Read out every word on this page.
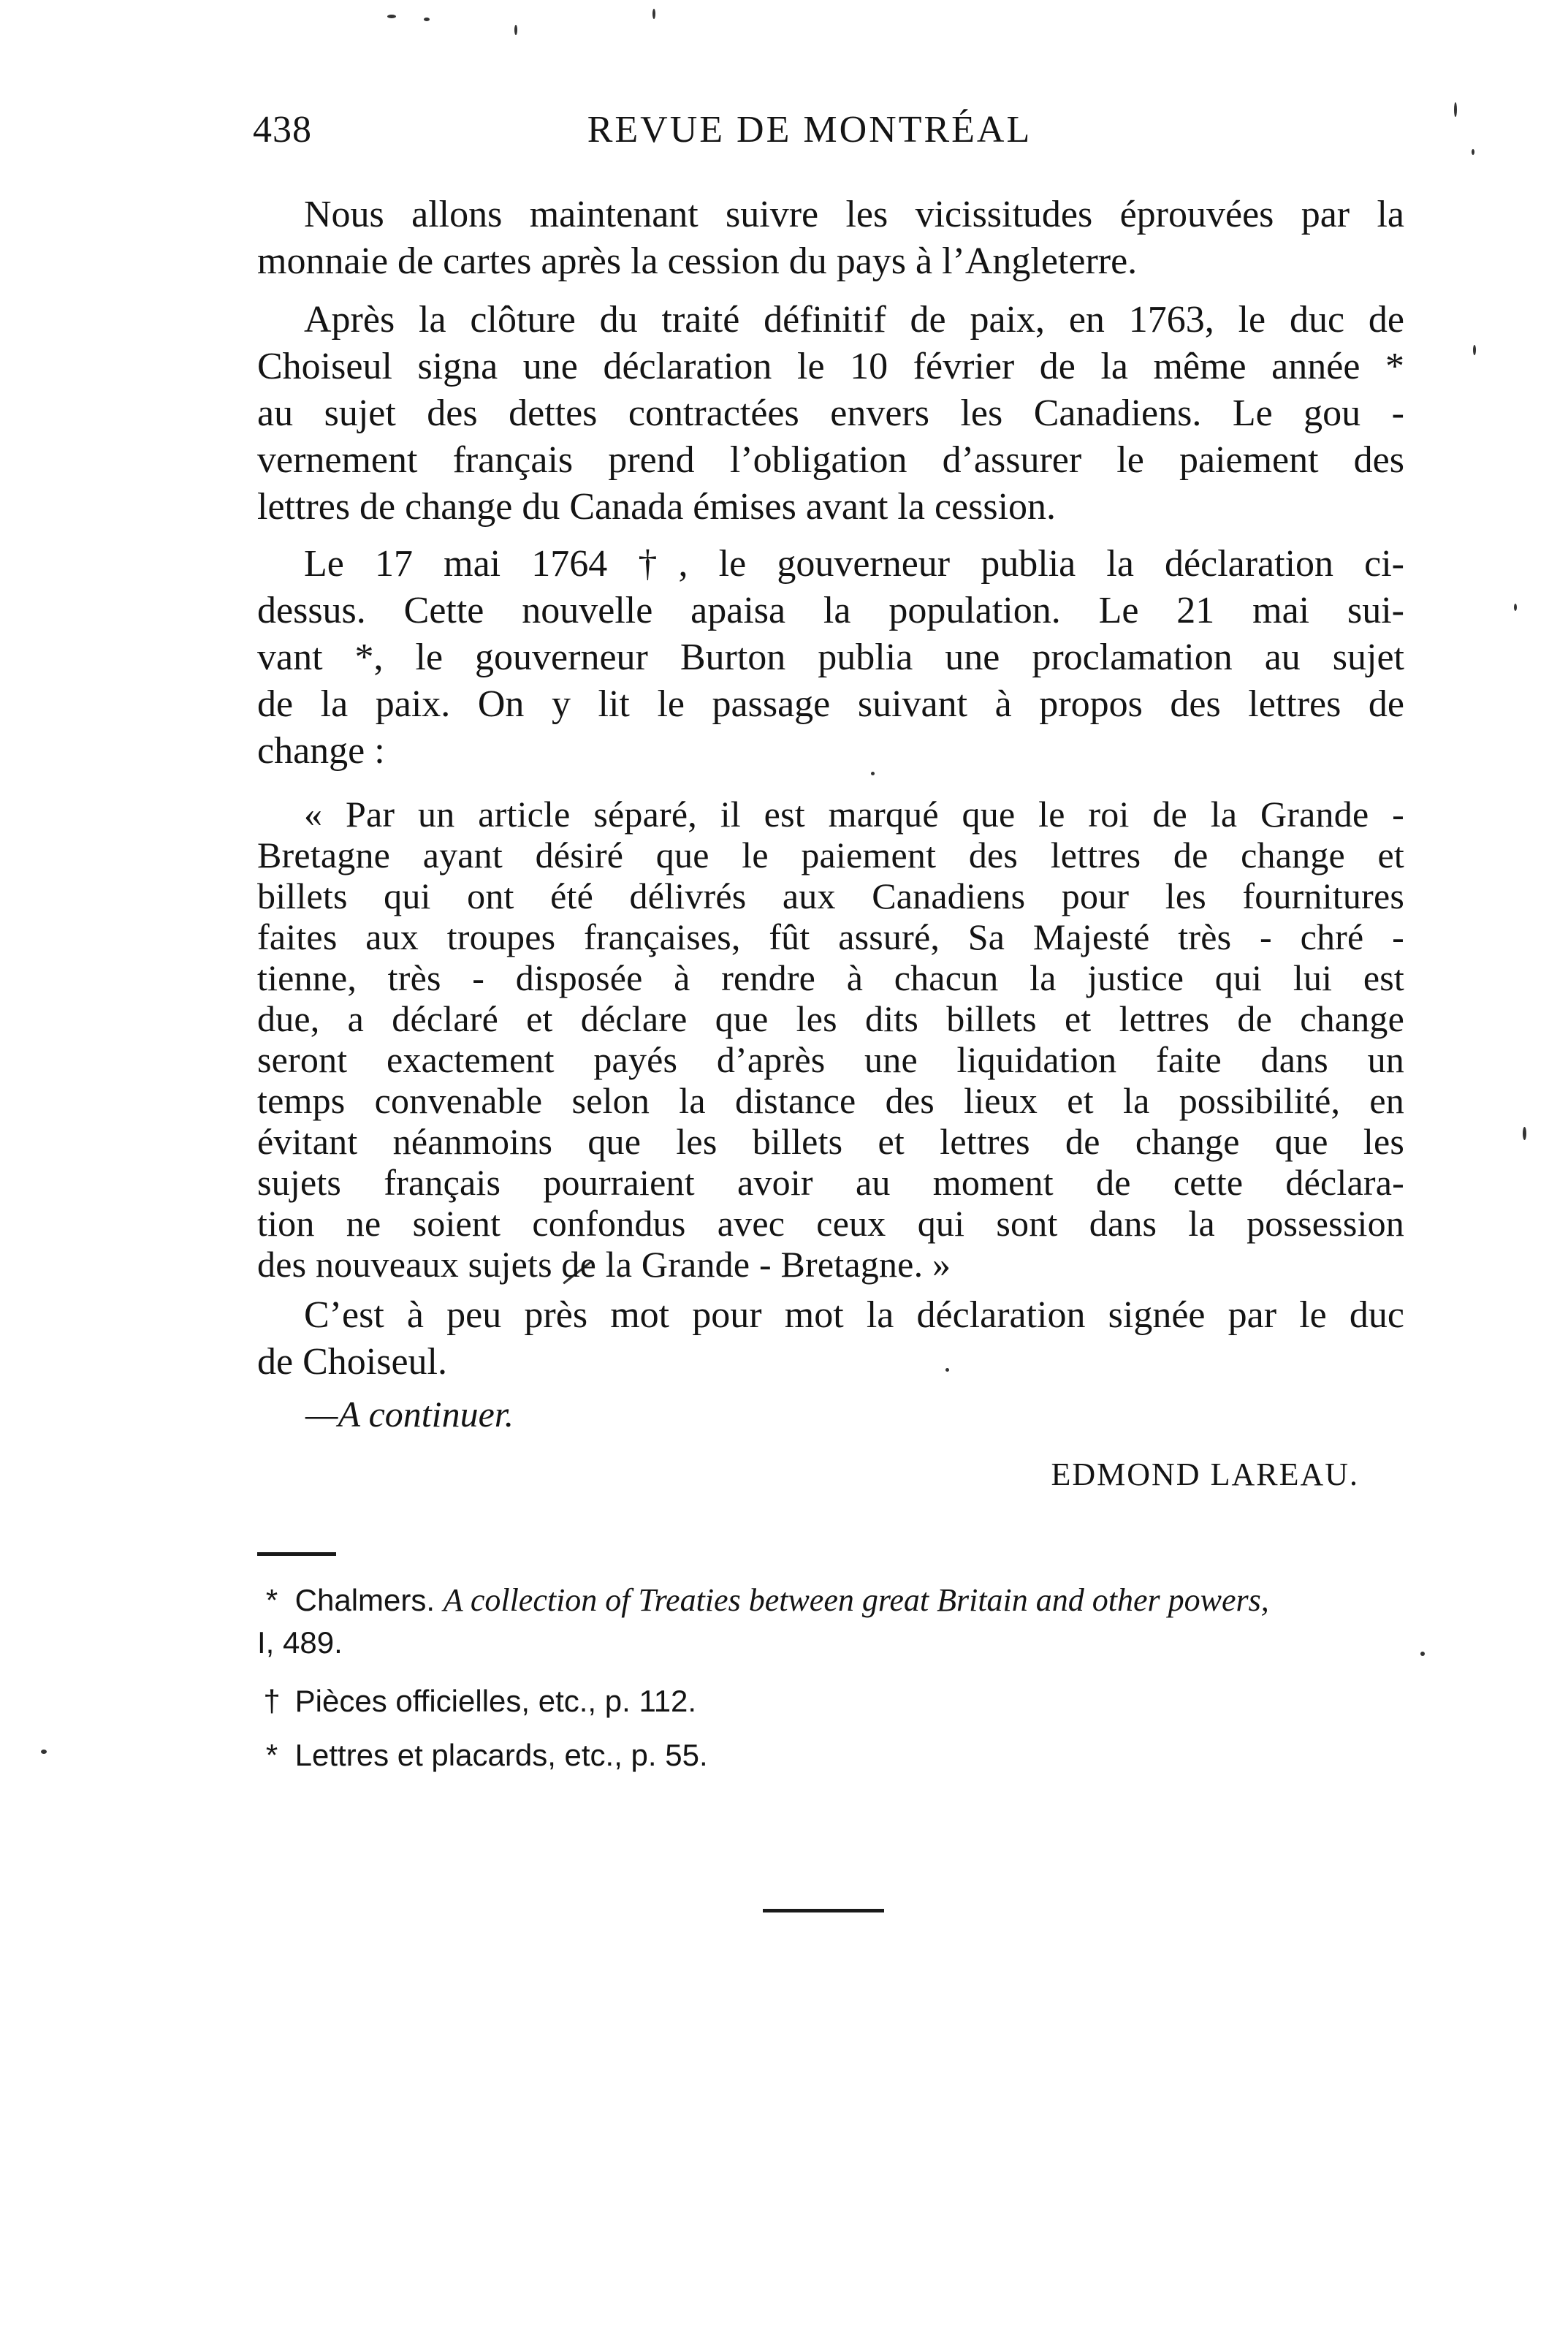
438	REVUE DE MONTRÉAL
Nous allons maintenant suivre les vicissitudes éprouvées par la
monnaie de cartes après la cession du pays à l’Angleterre.
Après la clôture du traité définitif de paix, en 1763, le duc de
Choiseul signa une déclaration le 10 février de la même année *
au sujet des dettes contractées envers les Canadiens. Le gou -
vernement français prend l’obligation d’assurer le paiement des
lettres de change du Canada émises avant la cession.
Le 17 mai 1764 †, le gouverneur publia la déclaration ci-
dessus. Cette nouvelle apaisa la population. Le 21 mai sui-
vant *, le gouverneur Burton publia une proclamation au sujet
de la paix. On y lit le passage suivant à propos des lettres de
change :
« Par un article séparé, il est marqué que le roi de la Grande -
Bretagne ayant désiré que le paiement des lettres de change et
billets qui ont été délivrés aux Canadiens pour les fournitures
faites aux troupes françaises, fût assuré, Sa Majesté très - chré -
tienne, très - disposée à rendre à chacun la justice qui lui est
due, a déclaré et déclare que les dits billets et lettres de change
seront exactement payés d’après une liquidation faite dans un
temps convenable selon la distance des lieux et la possibilité, en
évitant néanmoins que les billets et lettres de change que les
sujets français pourraient avoir au moment de cette déclara-
tion ne soient confondus avec ceux qui sont dans la possession
des nouveaux sujets de la Grande - Bretagne. »
C’est à peu près mot pour mot la déclaration signée par le duc
de Choiseul.
—A continuer.
EDMOND LAREAU.
* Chalmers. A collection of Treaties between great Britain and other powers,
I, 489.
† Pièces officielles, etc., p. 112.
* Lettres et placards, etc., p. 55.
